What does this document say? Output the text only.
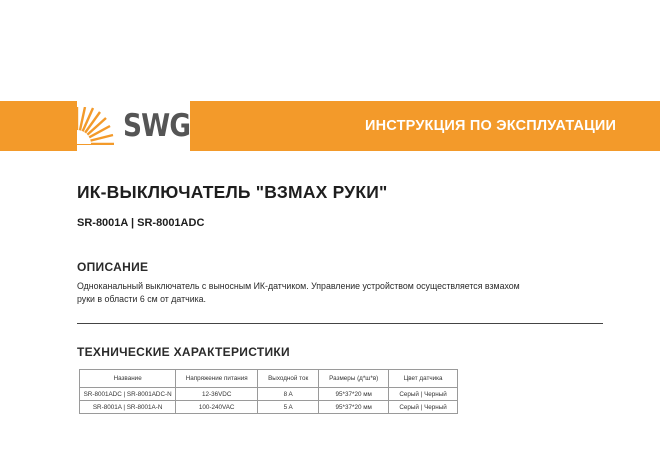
SWG	ИНСТРУКЦИЯ ПО ЭКСПЛУАТАЦИИ
ИК-ВЫКЛЮЧАТЕЛЬ "ВЗМАХ РУКИ"
SR-8001A | SR-8001ADC
ОПИСАНИЕ

Одноканальный выключатель с выносным ИК-датчиком. Управление устройством осуществляется взмахом руки в области 6 см от датчика.

ТЕХНИЧЕСКИЕ ХАРАКТЕРИСТИКИ
Название	Напряжение питания	Выходной ток	Размеры (д*ш*в)	Цвет датчика
SR-8001ADC | SR-8001ADC-N	12-36VDC	8 A	95*37*20 мм	Серый | Черный
SR-8001A | SR-8001A-N	100-240VAC	5 A	95*37*20 мм	Серый | Черный
